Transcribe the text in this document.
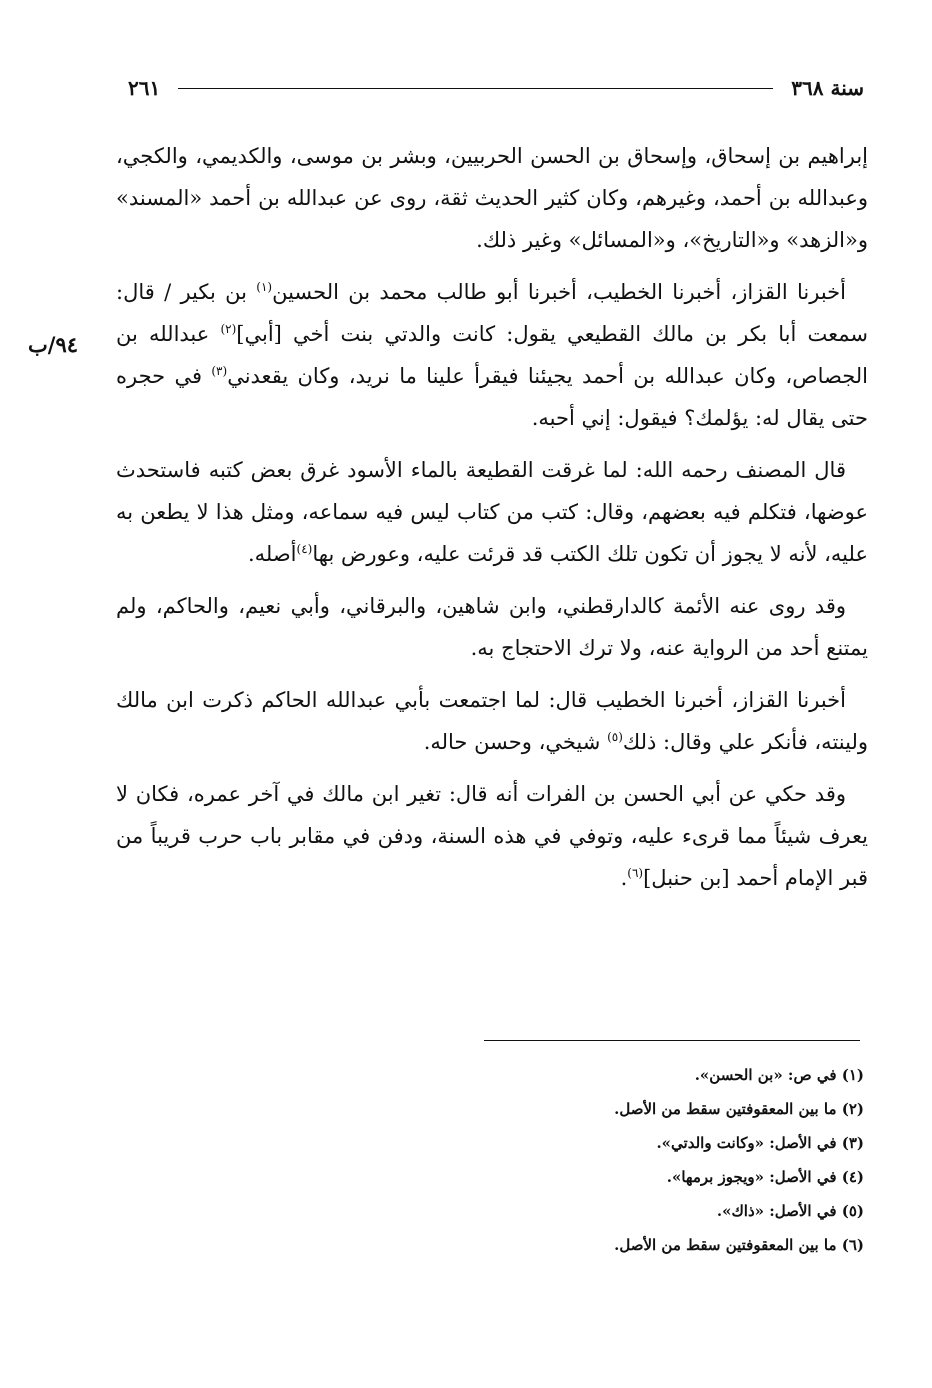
سنة ٣٦٨
٢٦١
٩٤/ب

إبراهيم بن إسحاق، وإسحاق بن الحسن الحربيين، وبشر بن موسى، والكديمي، والكجي، وعبدالله بن أحمد، وغيرهم، وكان كثير الحديث ثقة، روى عن عبدالله بن أحمد «المسند» و«الزهد» و«التاريخ»، و«المسائل» وغير ذلك.

أخبرنا القزاز، أخبرنا الخطيب، أخبرنا أبو طالب محمد بن الحسين$^{(١)}$ بن بكير / قال: سمعت أبا بكر بن مالك القطيعي يقول: كانت والدتي بنت أخي [أبي]$^{(٢)}$ عبدالله بن الجصاص، وكان عبدالله بن أحمد يجيئنا فيقرأ علينا ما نريد، وكان يقعدني$^{(٣)}$ في حجره حتى يقال له: يؤلمك؟ فيقول: إني أحبه.

قال المصنف رحمه الله: لما غرقت القطيعة بالماء الأسود غرق بعض كتبه فاستحدث عوضها، فتكلم فيه بعضهم، وقال: كتب من كتاب ليس فيه سماعه، ومثل هذا لا يطعن به عليه، لأنه لا يجوز أن تكون تلك الكتب قد قرئت عليه، وعورض بها$^{(٤)}$أصله.

وقد روى عنه الأئمة كالدارقطني، وابن شاهين، والبرقاني، وأبي نعيم، والحاكم، ولم يمتنع أحد من الرواية عنه، ولا ترك الاحتجاج به.

أخبرنا القزاز، أخبرنا الخطيب قال: لما اجتمعت بأبي عبدالله الحاكم ذكرت ابن مالك ولينته، فأنكر علي وقال: ذلك$^{(٥)}$ شيخي، وحسن حاله.

وقد حكي عن أبي الحسن بن الفرات أنه قال: تغير ابن مالك في آخر عمره، فكان لا يعرف شيئاً مما قرىء عليه، وتوفي في هذه السنة، ودفن في مقابر باب حرب قريباً من قبر الإمام أحمد [بن حنبل]$^{(٦)}$.

(١) في ص: «بن الحسن».

(٢) ما بين المعقوفتين سقط من الأصل.

(٣) في الأصل: «وكانت والدتي».

(٤) في الأصل: «ويجوز برمها».

(٥) في الأصل: «ذاك».

(٦) ما بين المعقوفتين سقط من الأصل.
